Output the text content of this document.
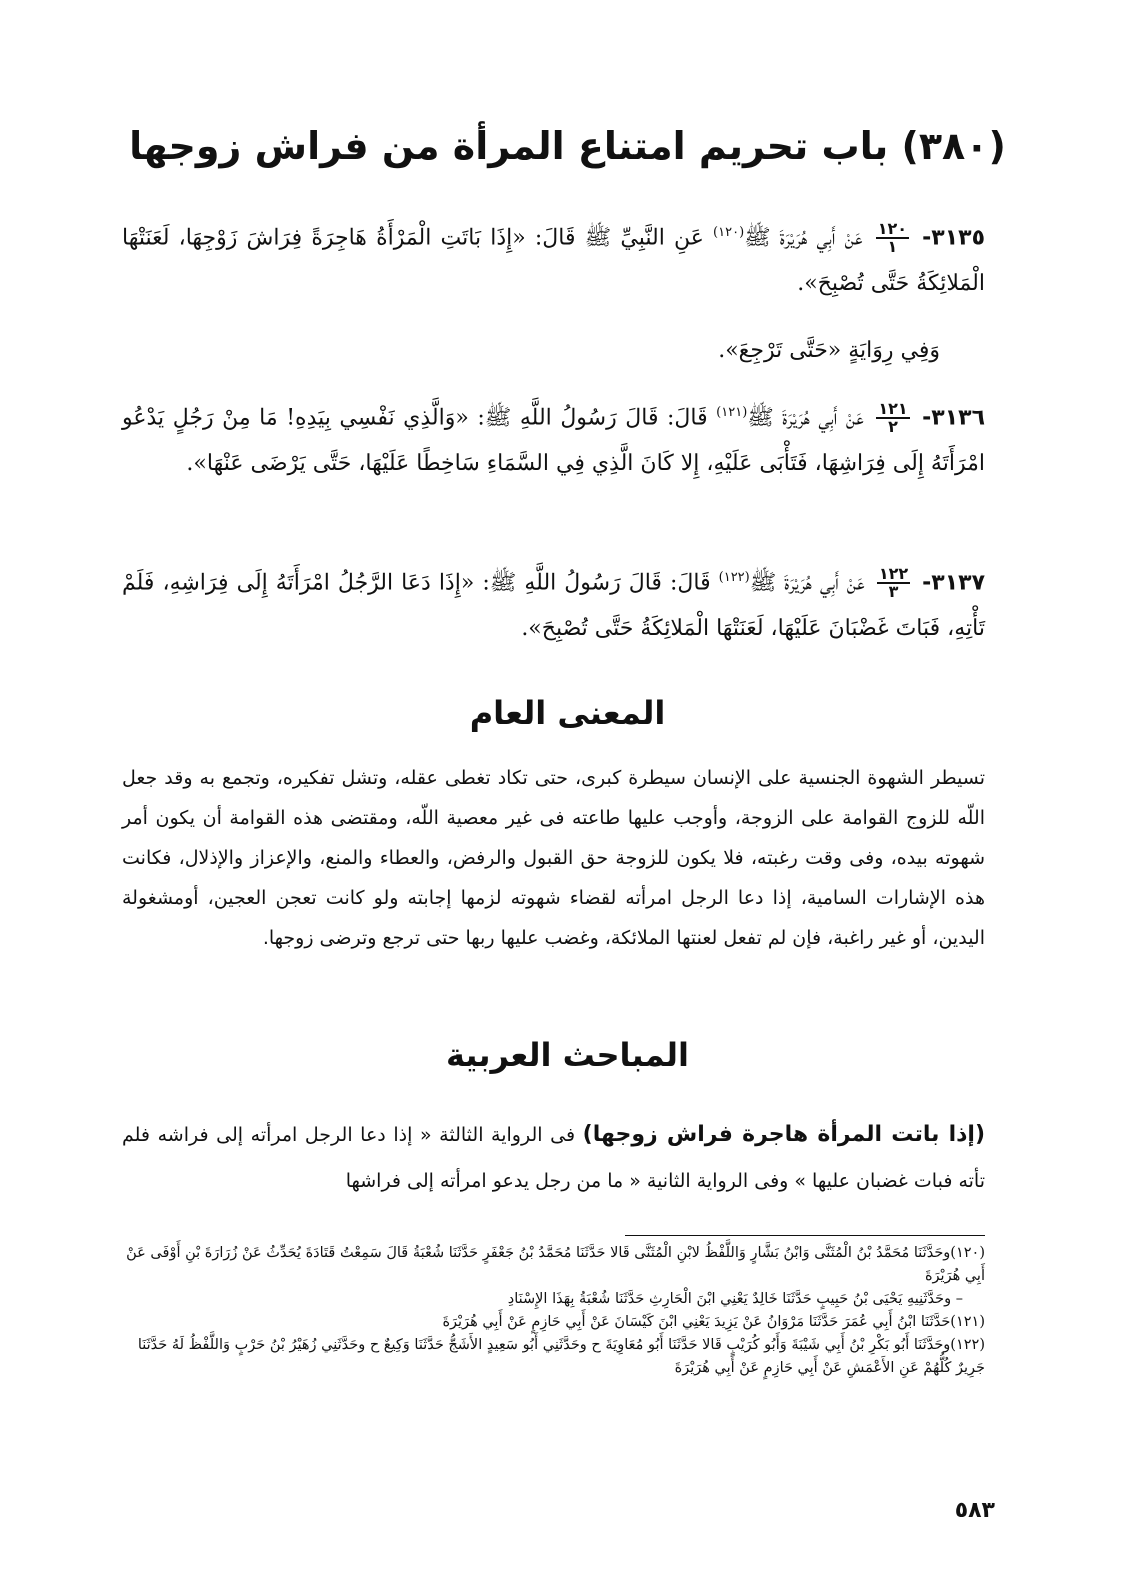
(٣٨٠) باب تحريم امتناع المرأة من فراش زوجها

٣١٣٥-
$\frac{١٢٠}{١}$
عَنْ أَبِي هُرَيْرَةَ ﷺ$^{(١٢٠)}$ عَنِ النَّبِيِّ ﷺ قَالَ: «إِذَا بَاتَتِ الْمَرْأَةُ هَاجِرَةً فِرَاشَ زَوْجِهَا، لَعَنَتْهَا الْمَلائِكَةُ حَتَّى تُصْبِحَ».

وَفِي رِوَايَةٍ «حَتَّى تَرْجِعَ».

٣١٣٦-
$\frac{١٢١}{٢}$
عَنْ أَبِي هُرَيْرَةَ ﷺ$^{(١٢١)}$ قَالَ: قَالَ رَسُولُ اللَّهِ ﷺ: «وَالَّذِي نَفْسِي بِيَدِهِ! مَا مِنْ رَجُلٍ يَدْعُو امْرَأَتَهُ إِلَى فِرَاشِهَا، فَتَأْبَى عَلَيْهِ، إِلا كَانَ الَّذِي فِي السَّمَاءِ سَاخِطًا عَلَيْهَا، حَتَّى يَرْضَى عَنْهَا».

٣١٣٧-
$\frac{١٢٢}{٣}$
عَنْ أَبِي هُرَيْرَةَ ﷺ$^{(١٢٢)}$ قَالَ: قَالَ رَسُولُ اللَّهِ ﷺ: «إِذَا دَعَا الرَّجُلُ امْرَأَتَهُ إِلَى فِرَاشِهِ، فَلَمْ تَأْتِهِ، فَبَاتَ غَضْبَانَ عَلَيْهَا، لَعَنَتْهَا الْمَلائِكَةُ حَتَّى تُصْبِحَ».

المعنى العام

تسيطر الشهوة الجنسية على الإنسان سيطرة كبرى، حتى تكاد تغطى عقله، وتشل تفكيره، وتجمع به وقد جعل اللّه للزوج القوامة على الزوجة، وأوجب عليها طاعته فى غير معصية اللّه، ومقتضى هذه القوامة أن يكون أمر شهوته بيده، وفى وقت رغبته، فلا يكون للزوجة حق القبول والرفض، والعطاء والمنع، والإعزاز والإذلال، فكانت هذه الإشارات السامية، إذا دعا الرجل امرأته لقضاء شهوته لزمها إجابته ولو كانت تعجن العجين، أومشغولة اليدين، أو غير راغبة، فإن لم تفعل لعنتها الملائكة، وغضب عليها ربها حتى ترجع وترضى زوجها.

المباحث العربية

(إذا باتت المرأة هاجرة فراش زوجها) فى الرواية الثالثة « إذا دعا الرجل امرأته إلى فراشه فلم تأته فبات غضبان عليها » وفى الرواية الثانية « ما من رجل يدعو امرأته إلى فراشها

(١٢٠)وحَدَّثَنَا مُحَمَّدُ بْنُ الْمُثَنَّى وَابْنُ بَشَّارٍ وَاللَّفْظُ لابْنِ الْمُثَنَّى قَالا حَدَّثَنَا مُحَمَّدُ بْنُ جَعْفَرٍ حَدَّثَنَا شُعْبَةُ قَالَ سَمِعْتُ قَتَادَةَ يُحَدِّثُ عَنْ زُرَارَةَ بْنِ أَوْفَى عَنْ أَبِي هُرَيْرَةَ

– وحَدَّثَنِيهِ يَحْيَى بْنُ حَبِيبٍ حَدَّثَنَا خَالِدٌ يَعْنِي ابْنَ الْحَارِثِ حَدَّثَنَا شُعْبَةُ بِهَذَا الإِسْنَادِ

(١٢١)حَدَّثَنَا ابْنُ أَبِي عُمَرَ حَدَّثَنَا مَرْوَانُ عَنْ يَزِيدَ يَعْنِي ابْنَ كَيْسَانَ عَنْ أَبِي حَازِمٍ عَنْ أَبِي هُرَيْرَةَ

(١٢٢)وحَدَّثَنَا أَبُو بَكْرِ بْنُ أَبِي شَيْبَةَ وَأَبُو كُرَيْبٍ قَالا حَدَّثَنَا أَبُو مُعَاوِيَةَ ح وحَدَّثَنِي أَبُو سَعِيدٍ الأَشَجُّ حَدَّثَنَا وَكِيعٌ ح وحَدَّثَنِي زُهَيْرُ بْنُ حَرْبٍ وَاللَّفْظُ لَهُ حَدَّثَنَا جَرِيرٌ كُلُّهُمْ عَنِ الأَعْمَشِ عَنْ أَبِي حَازِمٍ عَنْ أَبِي هُرَيْرَةَ

٥٨٣
